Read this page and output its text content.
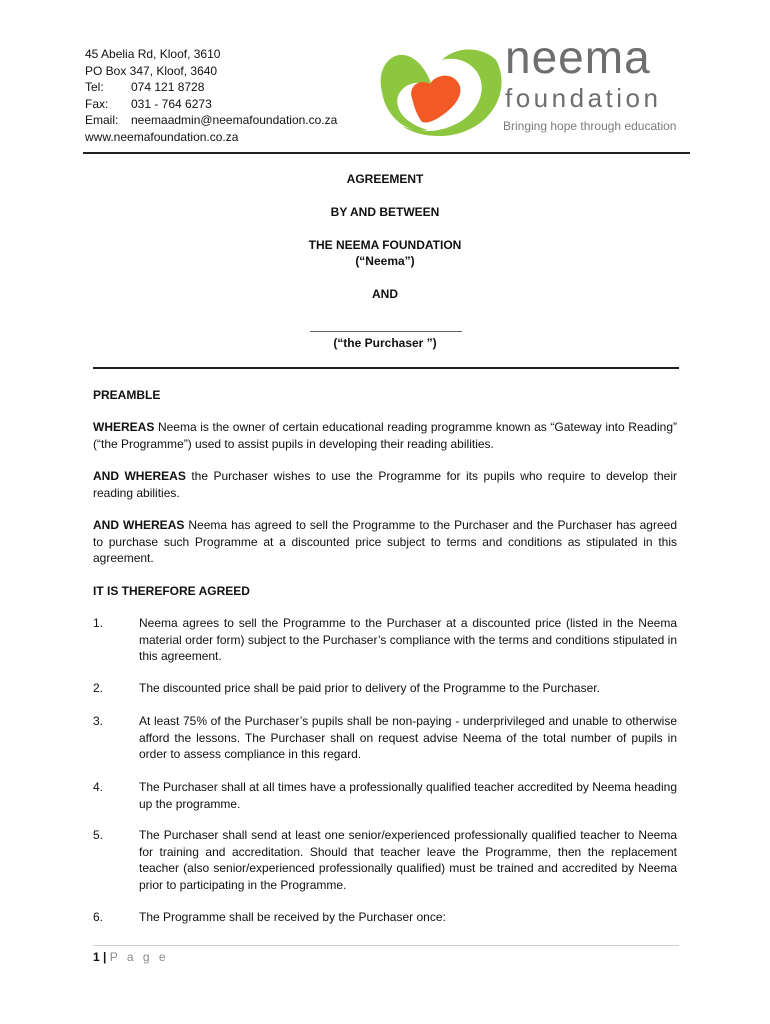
45 Abelia Rd, Kloof, 3610
PO Box 347, Kloof, 3640
Tel: 074 121 8728
Fax: 031 - 764 6273
Email: neemaadmin@neemafoundation.co.za
www.neemafoundation.co.za
neema
foundation
Bringing hope through education
AGREEMENT
BY AND BETWEEN
THE NEEMA FOUNDATION
(“Neema”)
AND
(“the Purchaser ”)
PREAMBLE
WHEREAS Neema is the owner of certain educational reading programme known as “Gateway into Reading” (“the Programme”) used to assist pupils in developing their reading abilities.
AND WHEREAS the Purchaser wishes to use the Programme for its pupils who require to develop their reading abilities.
AND WHEREAS Neema has agreed to sell the Programme to the Purchaser and the Purchaser has agreed to purchase such Programme at a discounted price subject to terms and conditions as stipulated in this agreement.
IT IS THEREFORE AGREED
1.	Neema agrees to sell the Programme to the Purchaser at a discounted price (listed in the Neema material order form) subject to the Purchaser’s compliance with the terms and conditions stipulated in this agreement.
2.	The discounted price shall be paid prior to delivery of the Programme to the Purchaser.
3.	At least 75% of the Purchaser’s pupils shall be non-paying - underprivileged and unable to otherwise afford the lessons. The Purchaser shall on request advise Neema of the total number of pupils in order to assess compliance in this regard.
4.	The Purchaser shall at all times have a professionally qualified teacher accredited by Neema heading up the programme.
5.	The Purchaser shall send at least one senior/experienced professionally qualified teacher to Neema for training and accreditation. Should that teacher leave the Programme, then the replacement teacher (also senior/experienced professionally qualified) must be trained and accredited by Neema prior to participating in the Programme.
6.	The Programme shall be received by the Purchaser once:
1 | P a g e
